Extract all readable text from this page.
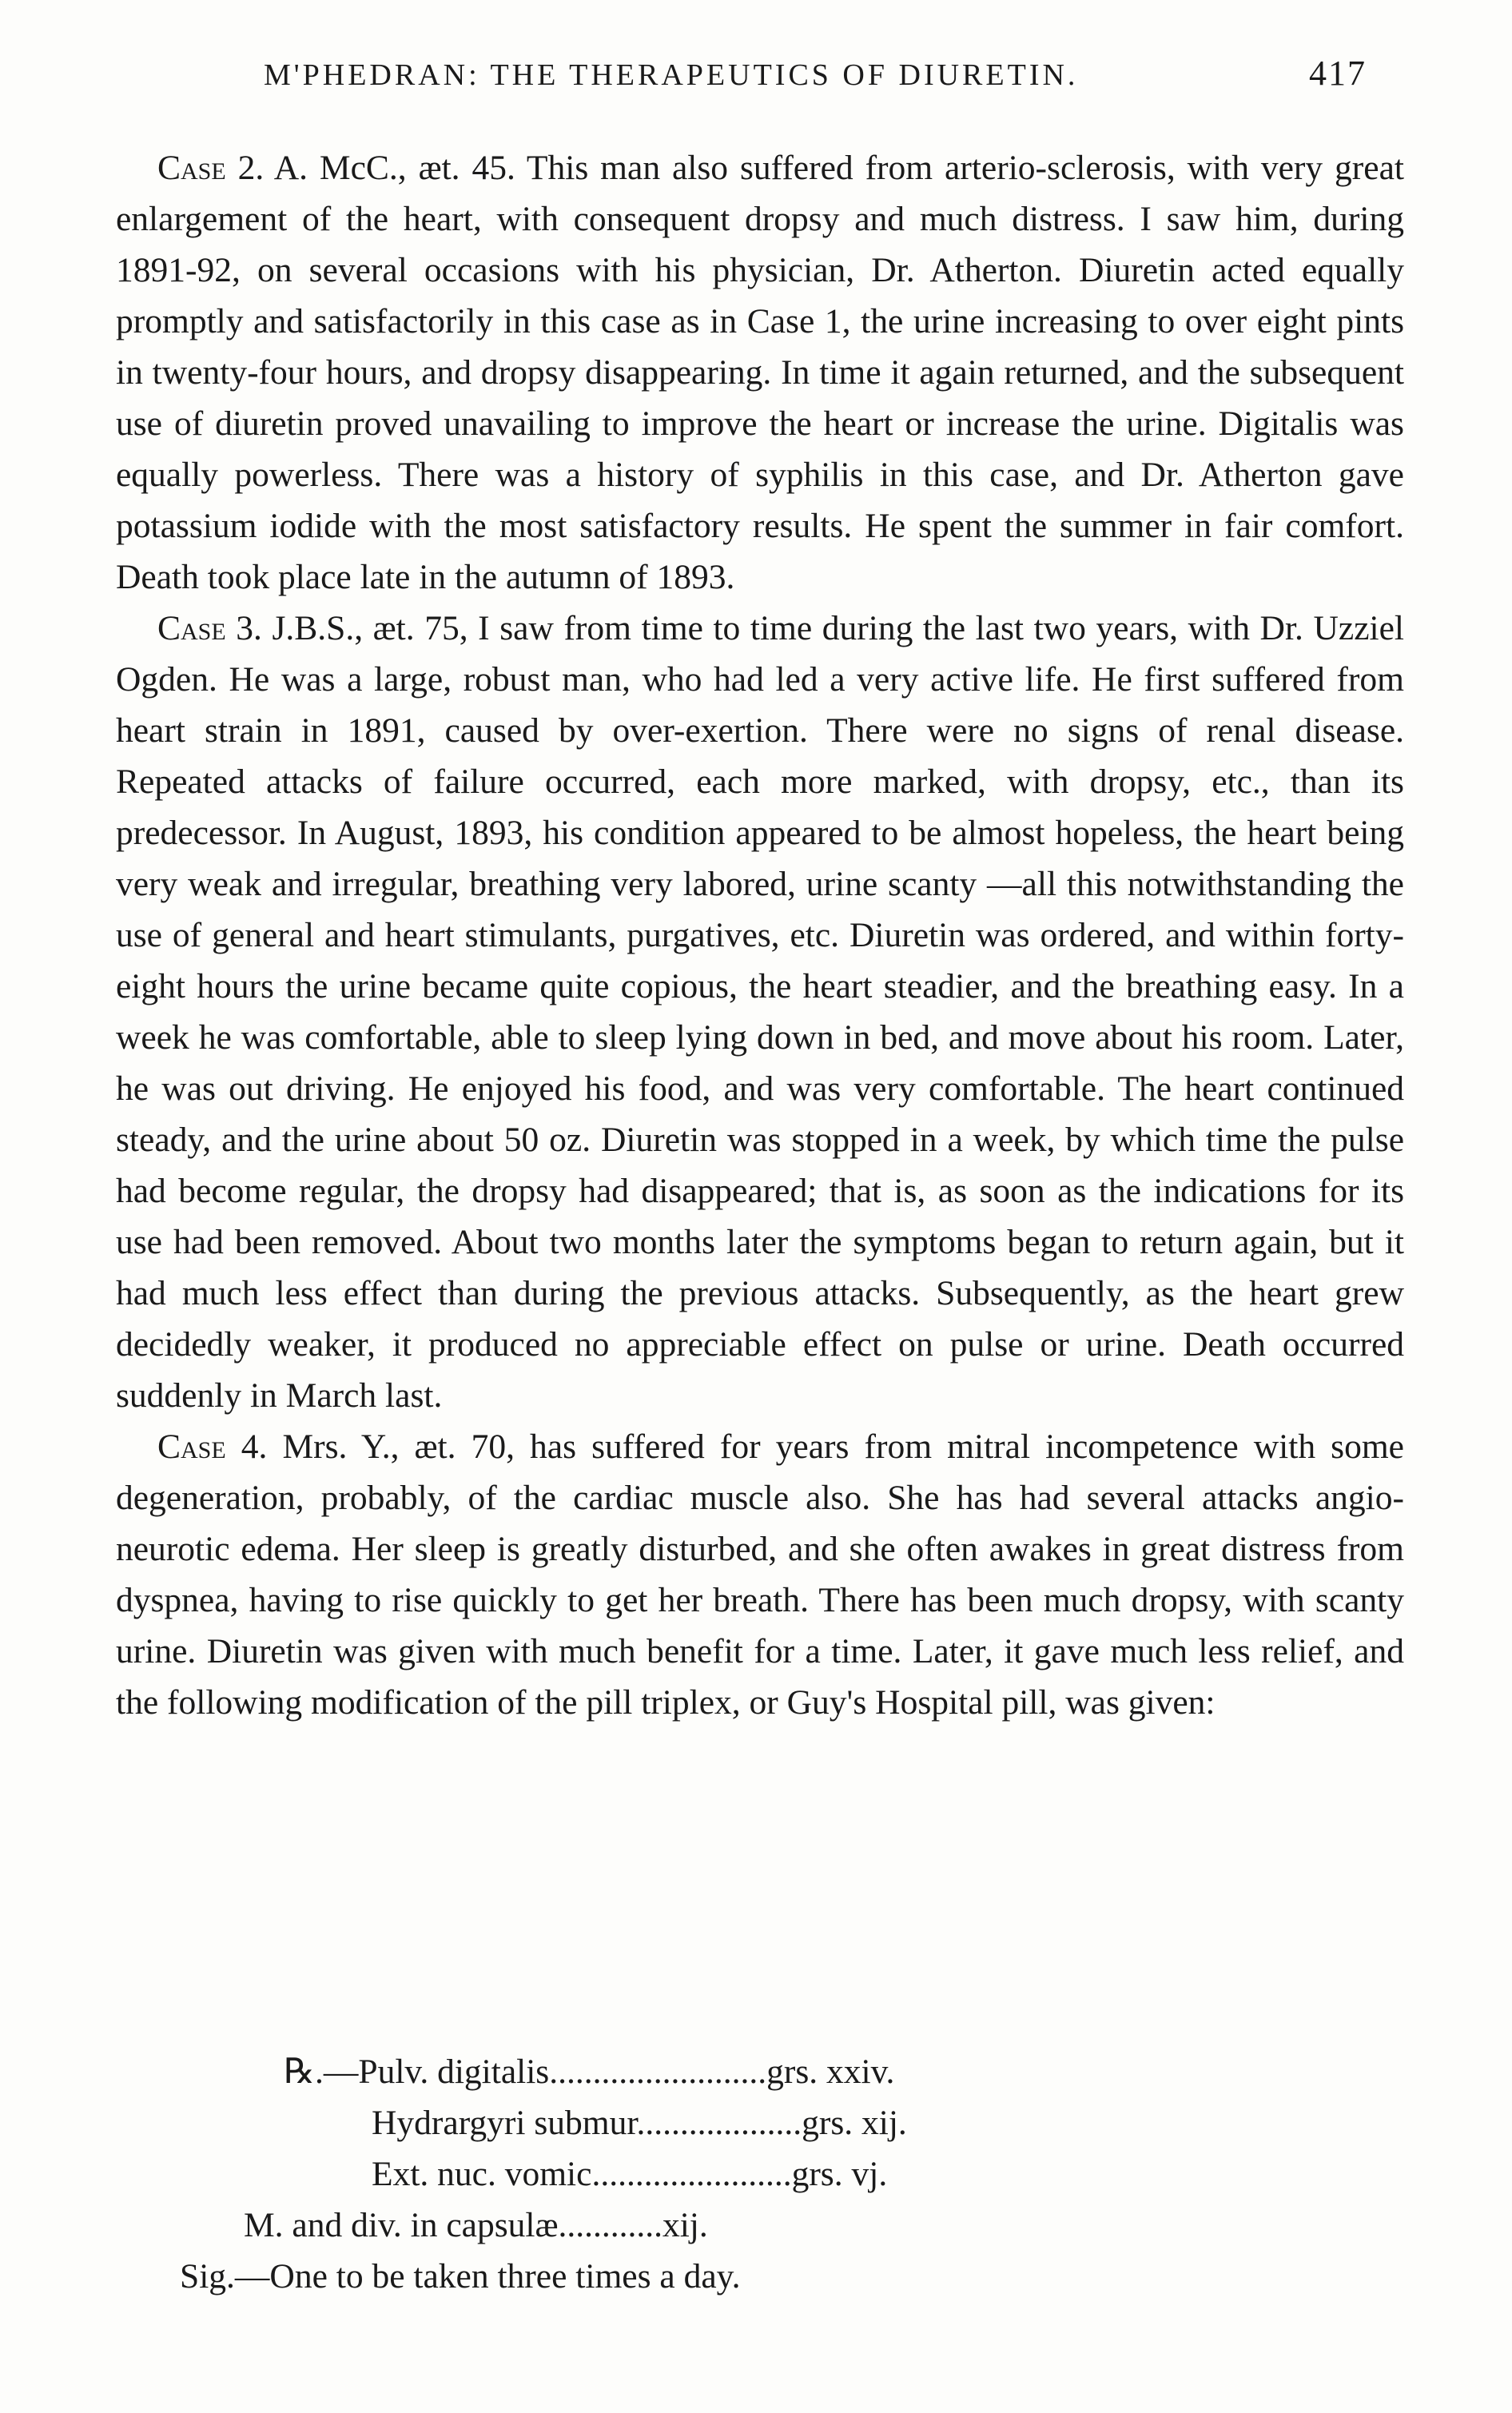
M'PHEDRAN: THE THERAPEUTICS OF DIURETIN.	417

Case 2. A. McC., æt. 45. This man also suffered from arterio-sclerosis, with very great enlargement of the heart, with consequent dropsy and much distress. I saw him, during 1891-92, on several occasions with his physician, Dr. Atherton. Diuretin acted equally promptly and satisfactorily in this case as in Case 1, the urine increasing to over eight pints in twenty-four hours, and dropsy disappearing. In time it again returned, and the subsequent use of diuretin proved unavailing to improve the heart or increase the urine. Digitalis was equally powerless. There was a history of syphilis in this case, and Dr. Atherton gave potassium iodide with the most satisfactory results. He spent the summer in fair comfort. Death took place late in the autumn of 1893.

Case 3. J.B.S., æt. 75, I saw from time to time during the last two years, with Dr. Uzziel Ogden. He was a large, robust man, who had led a very active life. He first suffered from heart strain in 1891, caused by over-exertion. There were no signs of renal disease. Repeated attacks of failure occurred, each more marked, with dropsy, etc., than its predecessor. In August, 1893, his condition appeared to be almost hopeless, the heart being very weak and irregular, breathing very labored, urine scanty —all this notwithstanding the use of general and heart stimulants, purgatives, etc. Diuretin was ordered, and within forty-eight hours the urine became quite copious, the heart steadier, and the breathing easy. In a week he was comfortable, able to sleep lying down in bed, and move about his room. Later, he was out driving. He enjoyed his food, and was very comfortable. The heart continued steady, and the urine about 50 oz. Diuretin was stopped in a week, by which time the pulse had become regular, the dropsy had disappeared; that is, as soon as the indications for its use had been removed. About two months later the symptoms began to return again, but it had much less effect than during the previous attacks. Subsequently, as the heart grew decidedly weaker, it produced no appreciable effect on pulse or urine. Death occurred suddenly in March last.

Case 4. Mrs. Y., æt. 70, has suffered for years from mitral incompetence with some degeneration, probably, of the cardiac muscle also. She has had several attacks angio-neurotic edema. Her sleep is greatly disturbed, and she often awakes in great distress from dyspnea, having to rise quickly to get her breath. There has been much dropsy, with scanty urine. Diuretin was given with much benefit for a time. Later, it gave much less relief, and the following modification of the pill triplex, or Guy's Hospital pill, was given:

℞.—Pulv. digitalis.........................grs. xxiv.
Hydrargyri submur...................grs. xij.
Ext. nuc. vomic.......................grs. vj.
M. and div. in capsulæ............xij.
Sig.—One to be taken three times a day.
